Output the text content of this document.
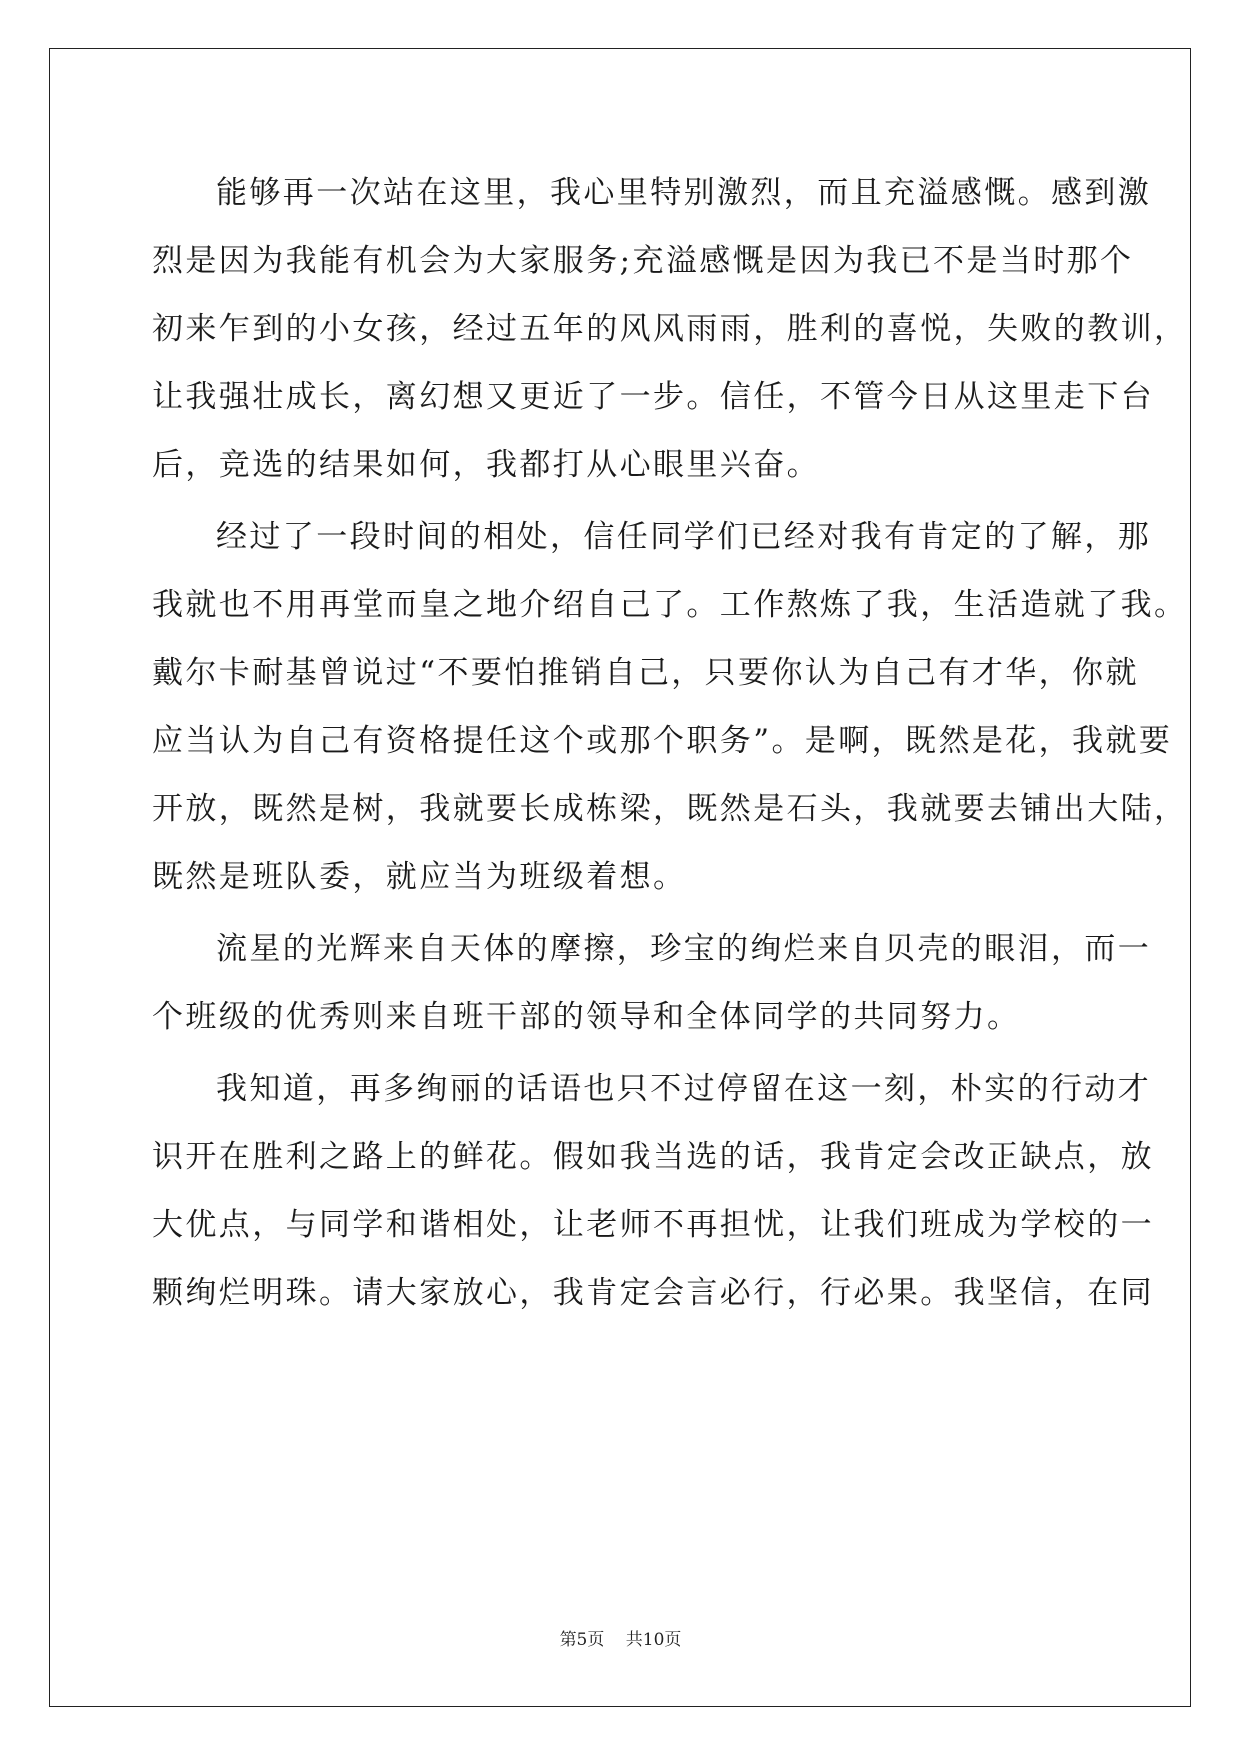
能够再一次站在这里，我心里特别激烈，而且充溢感慨。感到激
烈是因为我能有机会为大家服务;充溢感慨是因为我已不是当时那个
初来乍到的小女孩，经过五年的风风雨雨，胜利的喜悦，失败的教训，
让我强壮成长，离幻想又更近了一步。信任，不管今日从这里走下台
后，竞选的结果如何，我都打从心眼里兴奋。
经过了一段时间的相处，信任同学们已经对我有肯定的了解，那
我就也不用再堂而皇之地介绍自己了。工作熬炼了我，生活造就了我。
戴尔卡耐基曾说过“不要怕推销自己，只要你认为自己有才华，你就
应当认为自己有资格提任这个或那个职务”。是啊，既然是花，我就要
开放，既然是树，我就要长成栋梁，既然是石头，我就要去铺出大陆，
既然是班队委，就应当为班级着想。
流星的光辉来自天体的摩擦，珍宝的绚烂来自贝壳的眼泪，而一
个班级的优秀则来自班干部的领导和全体同学的共同努力。
我知道，再多绚丽的话语也只不过停留在这一刻，朴实的行动才
识开在胜利之路上的鲜花。假如我当选的话，我肯定会改正缺点，放
大优点，与同学和谐相处，让老师不再担忧，让我们班成为学校的一
颗绚烂明珠。请大家放心，我肯定会言必行，行必果。我坚信，在同
第5页 共10页
